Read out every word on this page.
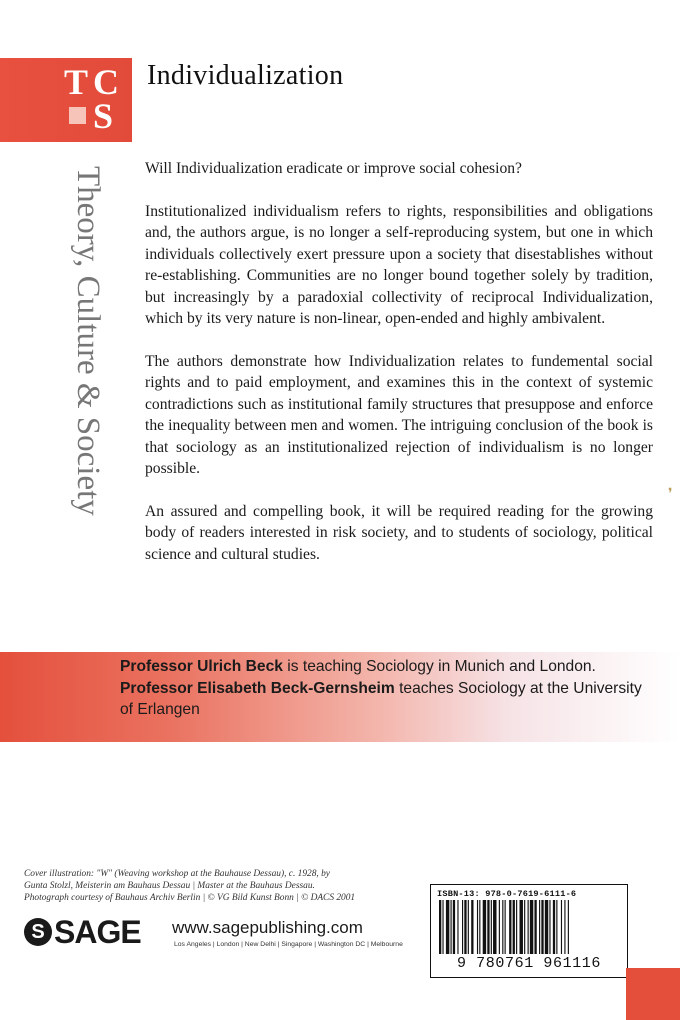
T C
S
Individualization
Theory, Culture & Society	Will Individualization eradicate or improve social cohesion?

Institutionalized individualism refers to rights, responsibilities and obligations and, the authors argue, is no longer a self-reproducing system, but one in which individuals collectively exert pressure upon a society that disestablishes without re-establishing. Communities are no longer bound together solely by tradition, but increasingly by a paradoxial collectivity of reciprocal Individualization, which by its very nature is non-linear, open-ended and highly ambivalent.

The authors demonstrate how Individualization relates to fundemental social rights and to paid employment, and examines this in the context of systemic contradictions such as institutional family structures that presuppose and enforce the inequality between men and women. The intriguing conclusion of the book is that sociology as an institutionalized rejection of individualism is no longer possible.

An assured and compelling book, it will be required reading for the growing body of readers interested in risk society, and to students of sociology, political science and cultural studies.

❜
Professor Ulrich Beck is teaching Sociology in Munich and London.
Professor Elisabeth Beck-Gernsheim teaches Sociology at the University of Erlangen
Cover illustration: "W" (Weaving workshop at the Bauhause Dessau), c. 1928, by
Gunta Stolzl, Meisterin am Bauhaus Dessau | Master at the Bauhaus Dessau.
Photograph courtesy of Bauhaus Archiv Berlin | © VG Bild Kunst Bonn | © DACS 2001
S
SAGE www.sagepublishing.com
Los Angeles | London | New Delhi | Singapore | Washington DC | Melbourne
ISBN-13: 978-0-7619-6111-6
9 780761 961116
